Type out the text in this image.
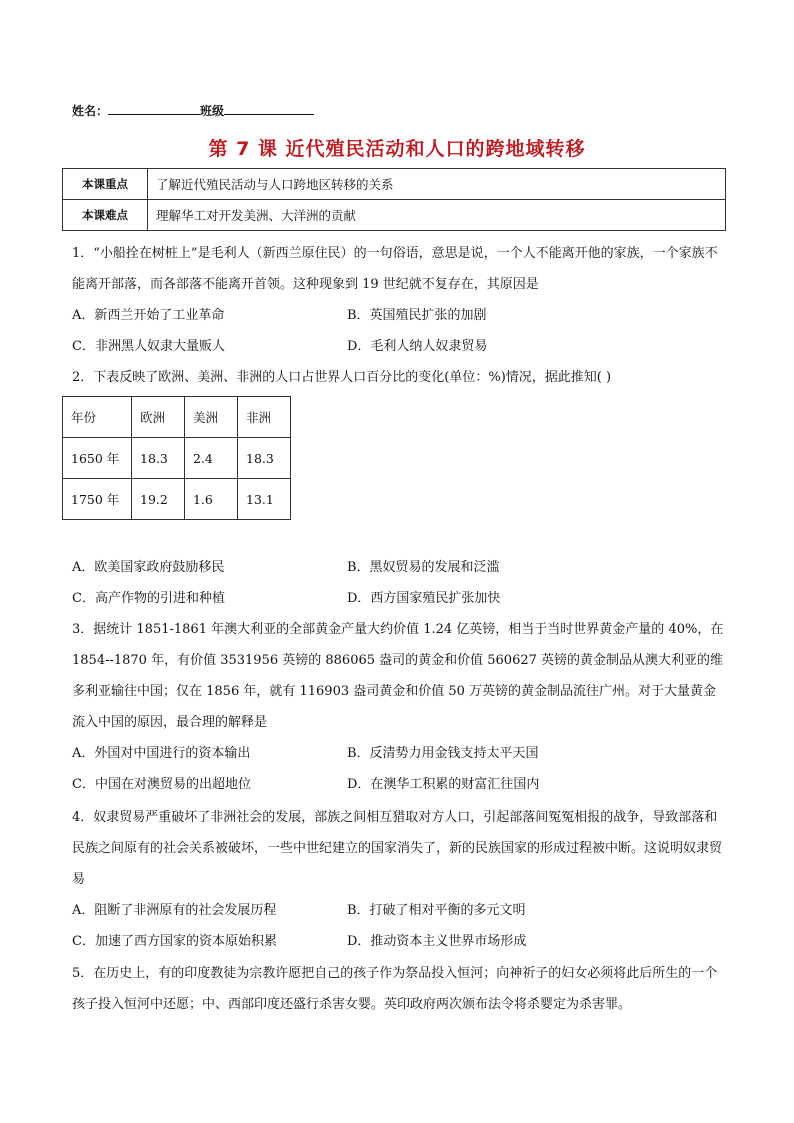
姓名：	班级
第 7 课 近代殖民活动和人口的跨地域转移
本课重点	了解近代殖民活动与人口跨地区转移的关系
本课难点	理解华工对开发美洲、大洋洲的贡献
1．“小船拴在树桩上”是毛利人（新西兰原住民）的一句俗语，意思是说，一个人不能离开他的家族，一个家族不能离开部落，而各部落不能离开首领。这种现象到 19 世纪就不复存在，其原因是
A．新西兰开始了工业革命	B．英国殖民扩张的加剧
C．非洲黑人奴隶大量贩人	D．毛利人纳人奴隶贸易
2．下表反映了欧洲、美洲、非洲的人口占世界人口百分比的变化(单位：%)情况，据此推知( )
年份	欧洲	美洲	非洲
1650 年	18.3	2.4	18.3
1750 年	19.2	1.6	13.1
A．欧美国家政府鼓励移民	B．黑奴贸易的发展和泛滥
C．高产作物的引进和种植	D．西方国家殖民扩张加快
3．据统计 1851-1861 年澳大利亚的全部黄金产量大约价值 1.24 亿英镑，相当于当时世界黄金产量的 40%，在 1854--1870 年，有价值 3531956 英镑的 886065 盎司的黄金和价值 560627 英镑的黄金制品从澳大利亚的维多利亚输往中国；仅在 1856 年，就有 116903 盎司黄金和价值 50 万英镑的黄金制品流往广州。对于大量黄金流入中国的原因，最合理的解释是
A．外国对中国进行的资本输出	B．反清势力用金钱支持太平天国
C．中国在对澳贸易的出超地位	D．在澳华工积累的财富汇往国内
4．奴隶贸易严重破坏了非洲社会的发展，部族之间相互猎取对方人口，引起部落间冤冤相报的战争，导致部落和民族之间原有的社会关系被破坏，一些中世纪建立的国家消失了，新的民族国家的形成过程被中断。这说明奴隶贸易
A．阻断了非洲原有的社会发展历程	B．打破了相对平衡的多元文明
C．加速了西方国家的资本原始积累	D．推动资本主义世界市场形成
5．在历史上，有的印度教徒为宗教许愿把自己的孩子作为祭品投入恒河；向神祈子的妇女必须将此后所生的一个孩子投入恒河中还愿；中、西部印度还盛行杀害女婴。英印政府两次颁布法令将杀婴定为杀害罪。
